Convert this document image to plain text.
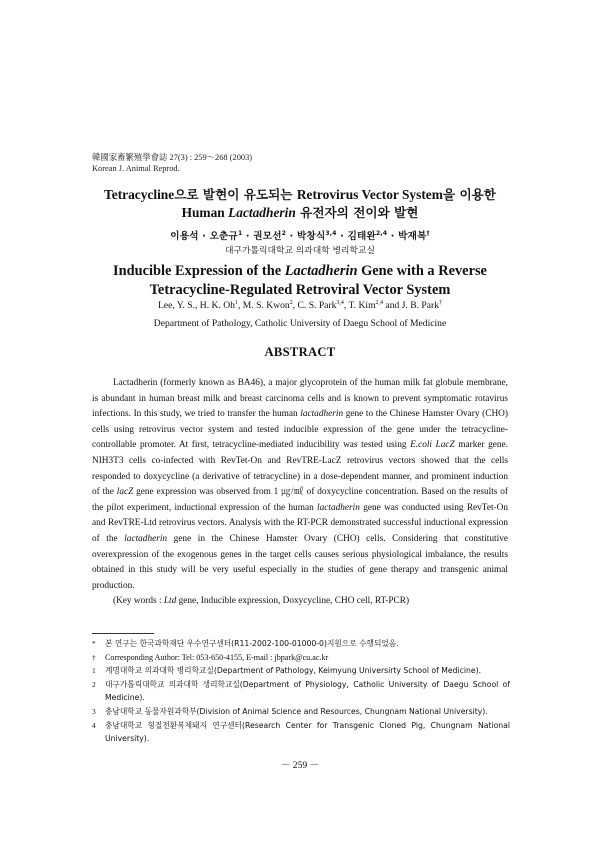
韓國家畜繁殖學會誌 27(3) : 259～268 (2003)
Korean J. Animal Reprod.
Tetracycline으로 발현이 유도되는 Retrovirus Vector System을 이용한
Human Lactadherin 유전자의 전이와 발현
이용석 · 오춘규$^1$ · 권모선$^2$ · 박창식$^{3,4}$ · 김태완$^{2,4}$ · 박재복†
대구가톨릭대학교 의과대학 병리학교실
Inducible Expression of the Lactadherin Gene with a Reverse
Tetracycline-Regulated Retroviral Vector System
Lee, Y. S., H. K. Oh$^1$, M. S. Kwon$^2$, C. S. Park$^{3,4}$, T. Kim$^{2,4}$ and J. B. Park†
Department of Pathology, Catholic University of Daegu School of Medicine
ABSTRACT

Lactadherin (formerly known as BA46), a major glycoprotein of the human milk fat globule membrane, is abundant in human breast milk and breast carcinoma cells and is known to prevent symptomatic rotavirus infections. In this study, we tried to transfer the human lactadherin gene to the Chinese Hamster Ovary (CHO) cells using retrovirus vector system and tested inducible expression of the gene under the tetracycline-controllable promoter. At first, tetracycline-mediated inducibility was tested using E.coli LacZ marker gene. NIH3T3 cells co-infected with RevTet-On and RevTRE-LacZ retrovirus vectors showed that the cells responded to doxycycline (a derivative of tetracycline) in a dose-dependent manner, and prominent induction of the lacZ gene expression was observed from 1 ㎍/㎖ of doxycycline concentration. Based on the results of the pilot experiment, inductional expression of the human lactadherin gene was conducted using RevTet-On and RevTRE-Ltd retrovirus vectors. Analysis with the RT-PCR demonstrated successful inductional expression of the lactadherin gene in the Chinese Hamster Ovary (CHO) cells. Considering that constitutive overexpression of the exogenous genes in the target cells causes serious physiological imbalance, the results obtained in this study will be very useful especially in the studies of gene therapy and transgenic animal production.

(Key words : Ltd gene, Inducible expression, Doxycycline, CHO cell, RT-PCR)

* 본 연구는 한국과학재단 우수연구센터(R11-2002-100-01000-0)지원으로 수행되었음.
† Corresponding Author: Tel: 053-650-4155, E-mail : jbpark@cu.ac.kr
1 계명대학교 의과대학 병리학교실(Department of Pathology, Keimyung Universirty School of Medicine).
2 대구가톨릭대학교 의과대학 생리학교실(Department of Physiology, Catholic University of Daegu School of Medicine).
3 충남대학교 동물자원과학부(Division of Animal Science and Resources, Chungnam National University).
4 충남대학교 형질전환복제돼지 연구센터(Research Center for Transgenic Cloned Pig, Chungnam National University).
－ 259 －
